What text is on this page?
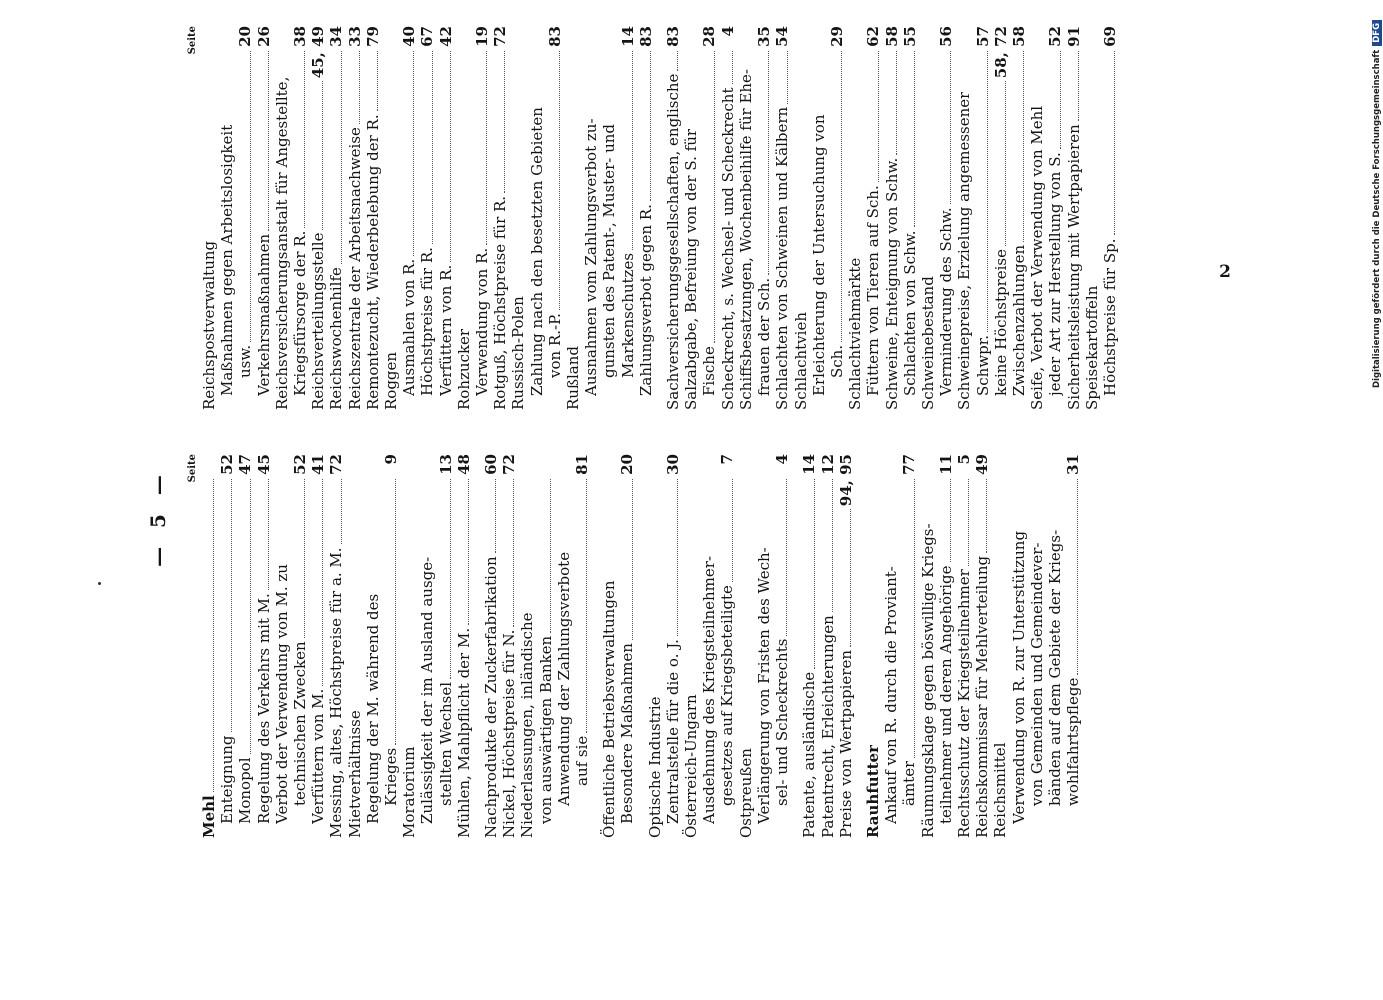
— 5 —
Seite
Mehl Enteignung
52
Monopol
47
Regelung des Verkehrs mit M.
45
Verbot der Verwendung von M. zu technischen Zwecken
52
Verfüttern von M.
41
Messing, altes, Höchstpreise für a. M.
72
Mietverhältnisse Regelung der M. während des Krieges
9
Moratorium Zulässigkeit der im Ausland ausge- stellten Wechsel
13
Mühlen, Mahlpflicht der M.
48
Nachprodukte der Zuckerfabrikation
60
Nickel, Höchstpreise für N.
72
Niederlassungen, inländische von auswärtigen Banken Anwendung der Zahlungsverbote auf sie
81
Öffentliche Betriebsverwaltungen Besondere Maßnahmen
20
Optische Industrie Zentralstelle für die o. J.
30
Österreich-Ungarn Ausdehnung des Kriegsteilnehmer- gesetzes auf Kriegsbeteiligte
7
Ostpreußen Verlängerung von Fristen des Wech- sel- und Scheckrechts
4
Patente, ausländische
14
Patentrecht, Erleichterungen
12
Preise von Wertpapieren
94, 95
Rauhfutter Ankauf von R. durch die Proviant- ämter
77
Räumungsklage gegen böswillige Kriegs- teilnehmer und deren Angehörige
11
Rechtsschutz der Kriegsteilnehmer
5
Reichskommissar für Mehlverteilung
49
Reichsmittel Verwendung von R. zur Unterstützung von Gemeinden und Gemeindever- bänden auf dem Gebiete der Kriegs- wohlfahrtspflege
31
Seite
Reichspostverwaltung Maßnahmen gegen Arbeitslosigkeit usw.
20
Verkehrsmaßnahmen
26
Reichsversicherungsanstalt für Angestellte, Kriegsfürsorge der R.
38
Reichsverteilungsstelle
45, 49
Reichswochenhilfe
34
Reichszentrale der Arbeitsnachweise
33
Remontezucht, Wiederbelebung der R.
79
Roggen Ausmahlen von R.
40
Höchstpreise für R.
67
Verfüttern von R.
42
Rohzucker Verwendung von R.
19
Rotguß, Höchstpreise für R.
72
Russisch-Polen Zahlung nach den besetzten Gebieten von R.-P.
83
Rußland Ausnahmen vom Zahlungsverbot zu- gunsten des Patent-, Muster- und Markenschutzes
14
Zahlungsverbot gegen R.
83
Sachversicherungsgesellschaften, englische
83
Salzabgabe, Befreiung von der S. für Fische
28
Scheckrecht, s. Wechsel- und Scheckrecht
4
Schiffsbesatzungen, Wochenbeihilfe für Ehe- frauen der Sch.
35
Schlachten von Schweinen und Kälbern
54
Schlachtvieh Erleichterung der Untersuchung von Sch.
29
Schlachtviehmärkte Füttern von Tieren auf Sch.
62
Schweine, Enteignung von Schw.
58
Schlachten von Schw.
55
Schweinebestand Verminderung des Schw.
56
Schweinepreise, Erzielung angemessener Schwpr.
57
keine Höchstpreise
58, 72
Zwischenzahlungen
58
Seife, Verbot der Verwendung von Mehl jeder Art zur Herstellung von S.
52
Sicherheitsleistung mit Wertpapieren
91
Speisekartoffeln Höchstpreise für Sp.
69
2	Digitalisierung gefördert durch die Deutsche ForschungsgemeinschaftDFG
